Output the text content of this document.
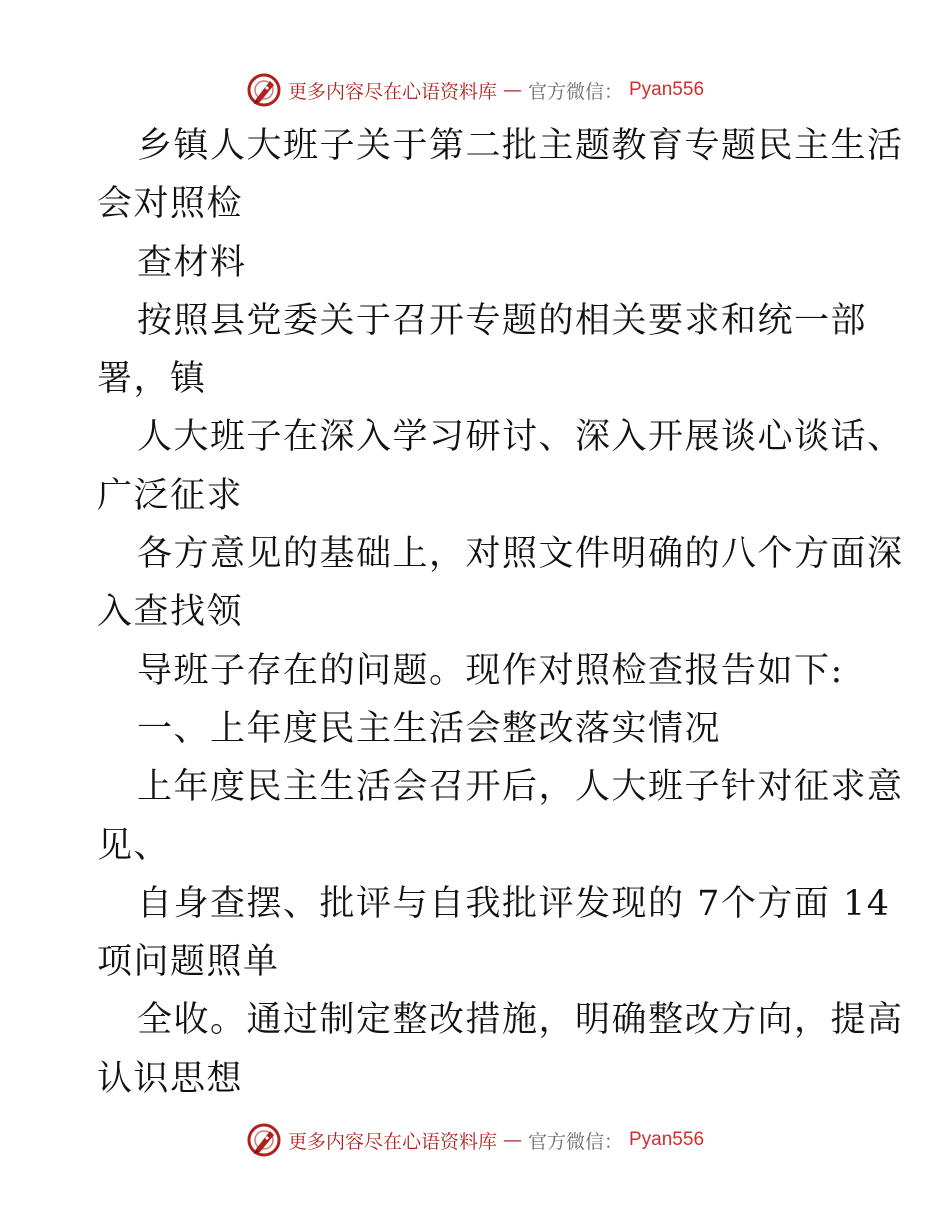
更多内容尽在心语资料库 — 官方微信： Pyan556
乡镇人大班子关于第二批主题教育专题民主生活
会对照检
查材料
按照县党委关于召开专题的相关要求和统一部
署，镇
人大班子在深入学习研讨、深入开展谈心谈话、
广泛征求
各方意见的基础上，对照文件明确的八个方面深
入查找领
导班子存在的问题。现作对照检查报告如下:
一、上年度民主生活会整改落实情况
上年度民主生活会召开后，人大班子针对征求意
见、
自身查摆、批评与自我批评发现的 7个方面 14
项问题照单
全收。通过制定整改措施，明确整改方向，提高
认识思想
更多内容尽在心语资料库 — 官方微信： Pyan556
